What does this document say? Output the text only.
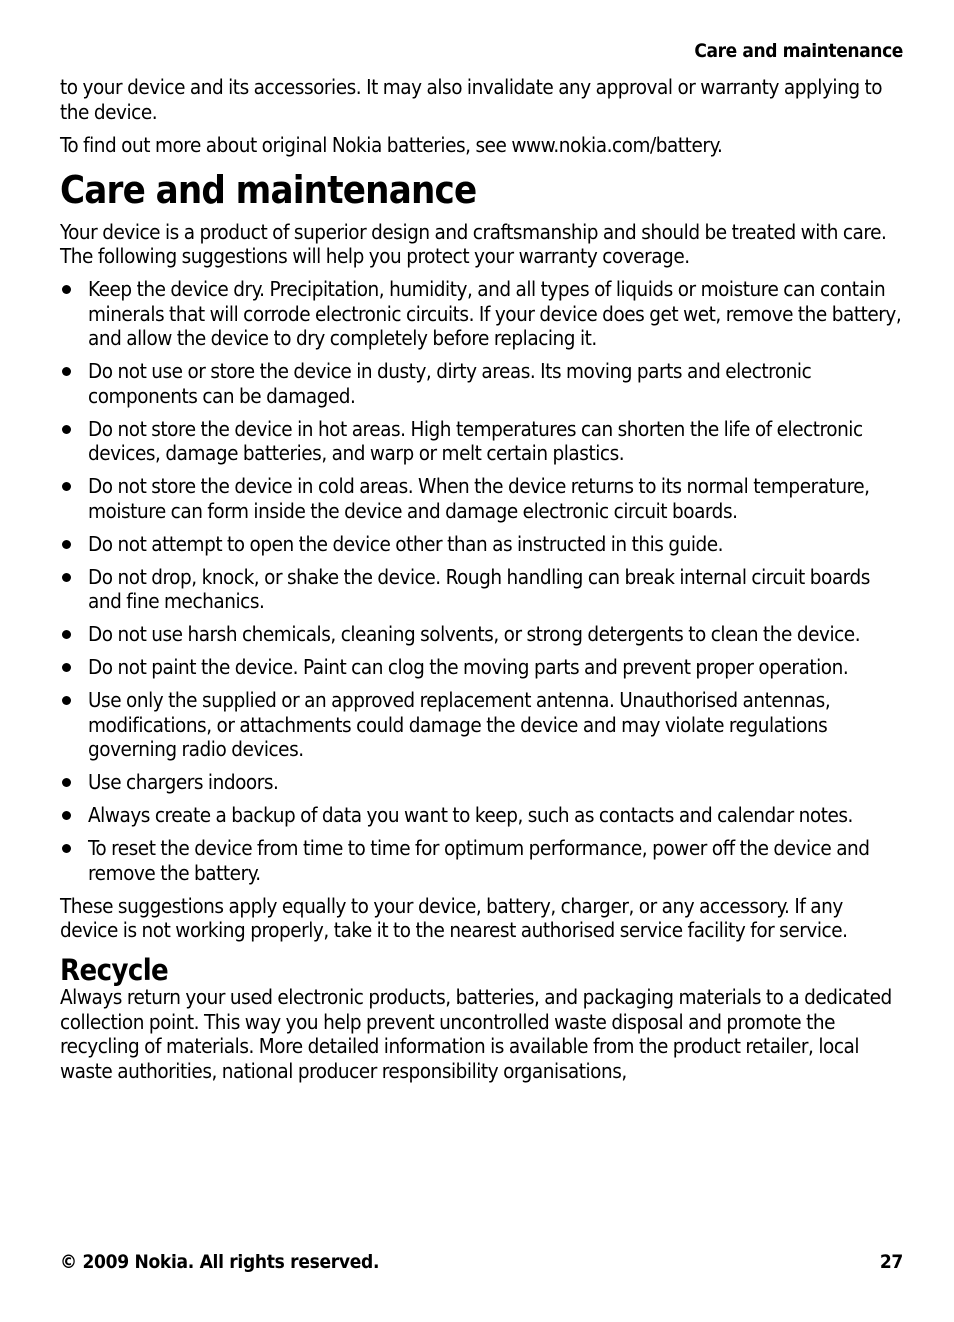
Care and maintenance

to your device and its accessories. It may also invalidate any approval or warranty applying to the device.

To find out more about original Nokia batteries, see www.nokia.com/battery.

Care and maintenance

Your device is a product of superior design and craftsmanship and should be treated with care. The following suggestions will help you protect your warranty coverage.

Keep the device dry. Precipitation, humidity, and all types of liquids or moisture can contain minerals that will corrode electronic circuits. If your device does get wet, remove the battery, and allow the device to dry completely before replacing it.
Do not use or store the device in dusty, dirty areas. Its moving parts and electronic components can be damaged.
Do not store the device in hot areas. High temperatures can shorten the life of electronic devices, damage batteries, and warp or melt certain plastics.
Do not store the device in cold areas. When the device returns to its normal temperature, moisture can form inside the device and damage electronic circuit boards.
Do not attempt to open the device other than as instructed in this guide.
Do not drop, knock, or shake the device. Rough handling can break internal circuit boards and fine mechanics.
Do not use harsh chemicals, cleaning solvents, or strong detergents to clean the device.
Do not paint the device. Paint can clog the moving parts and prevent proper operation.
Use only the supplied or an approved replacement antenna. Unauthorised antennas, modifications, or attachments could damage the device and may violate regulations governing radio devices.
Use chargers indoors.
Always create a backup of data you want to keep, such as contacts and calendar notes.
To reset the device from time to time for optimum performance, power off the device and remove the battery.

These suggestions apply equally to your device, battery, charger, or any accessory. If any device is not working properly, take it to the nearest authorised service facility for service.

Recycle

Always return your used electronic products, batteries, and packaging materials to a dedicated collection point. This way you help prevent uncontrolled waste disposal and promote the recycling of materials. More detailed information is available from the product retailer, local waste authorities, national producer responsibility organisations,

© 2009 Nokia. All rights reserved.	27
